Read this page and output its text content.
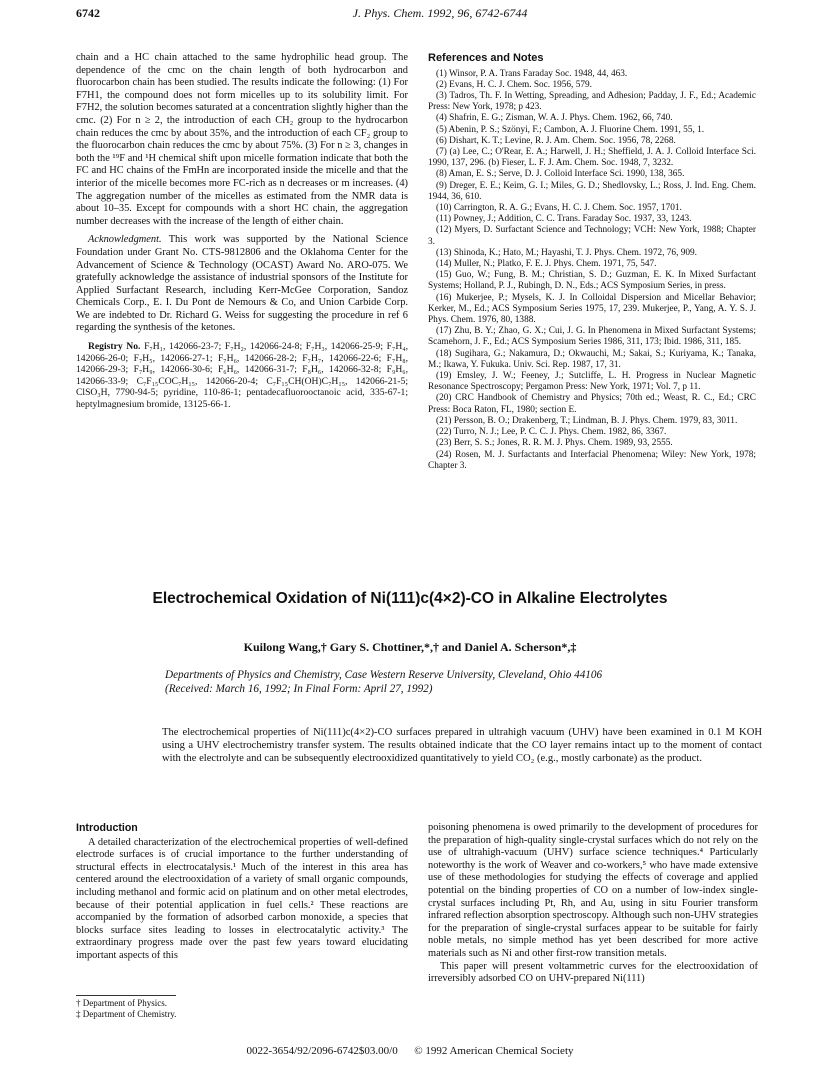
6742	J. Phys. Chem. 1992, 96, 6742-6744

chain and a HC chain attached to the same hydrophilic head group. The dependence of the cmc on the chain length of both hydrocarbon and fluorocarbon chain has been studied. The results indicate the following: (1) For F7H1, the compound does not form micelles up to its solubility limit. For F7H2, the solution becomes saturated at a concentration slightly higher than the cmc. (2) For n ≥ 2, the introduction of each CH₂ group to the hydrocarbon chain reduces the cmc by about 35%, and the introduction of each CF₂ group to the fluorocarbon chain reduces the cmc by about 75%. (3) For n ≥ 3, changes in both the ¹⁹F and ¹H chemical shift upon micelle formation indicate that both the FC and HC chains of the FmHn are incorporated inside the micelle and that the interior of the micelle becomes more FC-rich as n decreases or m increases. (4) The aggregation number of the micelles as estimated from the NMR data is about 10–35. Except for compounds with a short HC chain, the aggregation number decreases with the increase of the length of either chain.

Acknowledgment. This work was supported by the National Science Foundation under Grant No. CTS-9812806 and the Oklahoma Center for the Advancement of Science & Technology (OCAST) Award No. ARO-075. We gratefully acknowledge the assistance of industrial sponsors of the Institute for Applied Surfactant Research, including Kerr-McGee Corporation, Sandoz Chemicals Corp., E. I. Du Pont de Nemours & Co, and Union Carbide Corp. We are indebted to Dr. Richard G. Weiss for suggesting the procedure in ref 6 regarding the synthesis of the ketones.

Registry No. F₇H₁, 142066-23-7; F₇H₂, 142066-24-8; F₇H₃, 142066-25-9; F₇H₄, 142066-26-0; F₇H₅, 142066-27-1; F₇H₆, 142066-28-2; F₇H₇, 142066-22-6; F₇H₈, 142066-29-3; F₇H₉, 142066-30-6; F₆H₆, 142066-31-7; F₈H₆, 142066-32-8; F₉H₆, 142066-33-9; C₇F₁₅COC₇H₁₅, 142066-20-4; C₇F₁₅CH(OH)C₇H₁₅, 142066-21-5; ClSO₃H, 7790-94-5; pyridine, 110-86-1; pentadecafluorooctanoic acid, 335-67-1; heptylmagnesium bromide, 13125-66-1.

References and Notes
(1) Winsor, P. A. Trans Faraday Soc. 1948, 44, 463.
(2) Evans, H. C. J. Chem. Soc. 1956, 579.
(3) Tadros, Th. F. In Wetting, Spreading, and Adhesion; Padday, J. F., Ed.; Academic Press: New York, 1978; p 423.
(4) Shafrin, E. G.; Zisman, W. A. J. Phys. Chem. 1962, 66, 740.
(5) Abenin, P. S.; Szönyi, F.; Cambon, A. J. Fluorine Chem. 1991, 55, 1.
(6) Dishart, K. T.; Levine, R. J. Am. Chem. Soc. 1956, 78, 2268.
(7) (a) Lee, C.; O'Rear, E. A.; Harwell, J. H.; Sheffield, J. A. J. Colloid Interface Sci. 1990, 137, 296. (b) Fieser, L. F. J. Am. Chem. Soc. 1948, 7, 3232.
(8) Aman, E. S.; Serve, D. J. Colloid Interface Sci. 1990, 138, 365.
(9) Dreger, E. E.; Keim, G. I.; Miles, G. D.; Shedlovsky, L.; Ross, J. Ind. Eng. Chem. 1944, 36, 610.
(10) Carrington, R. A. G.; Evans, H. C. J. Chem. Soc. 1957, 1701.
(11) Powney, J.; Addition, C. C. Trans. Faraday Soc. 1937, 33, 1243.
(12) Myers, D. Surfactant Science and Technology; VCH: New York, 1988; Chapter 3.
(13) Shinoda, K.; Hato, M.; Hayashi, T. J. Phys. Chem. 1972, 76, 909.
(14) Muller, N.; Platko, F. E. J. Phys. Chem. 1971, 75, 547.
(15) Guo, W.; Fung, B. M.; Christian, S. D.; Guzman, E. K. In Mixed Surfactant Systems; Holland, P. J., Rubingh, D. N., Eds.; ACS Symposium Series, in press.
(16) Mukerjee, P.; Mysels, K. J. In Colloidal Dispersion and Micellar Behavior; Kerker, M., Ed.; ACS Symposium Series 1975, 17, 239. Mukerjee, P., Yang, A. Y. S. J. Phys. Chem. 1976, 80, 1388.
(17) Zhu, B. Y.; Zhao, G. X.; Cui, J. G. In Phenomena in Mixed Surfactant Systems; Scamehorn, J. F., Ed.; ACS Symposium Series 1986, 311, 173; Ibid. 1986, 311, 185.
(18) Sugihara, G.; Nakamura, D.; Okwauchi, M.; Sakai, S.; Kuriyama, K.; Tanaka, M.; Ikawa, Y. Fukuka. Univ. Sci. Rep. 1987, 17, 31.
(19) Emsley, J. W.; Feeney, J.; Sutcliffe, L. H. Progress in Nuclear Magnetic Resonance Spectroscopy; Pergamon Press: New York, 1971; Vol. 7, p 11.
(20) CRC Handbook of Chemistry and Physics; 70th ed.; Weast, R. C., Ed.; CRC Press: Boca Raton, FL, 1980; section E.
(21) Persson, B. O.; Drakenberg, T.; Lindman, B. J. Phys. Chem. 1979, 83, 3011.
(22) Turro, N. J.; Lee, P. C. C. J. Phys. Chem. 1982, 86, 3367.
(23) Berr, S. S.; Jones, R. R. M. J. Phys. Chem. 1989, 93, 2555.
(24) Rosen, M. J. Surfactants and Interfacial Phenomena; Wiley: New York, 1978; Chapter 3.
Electrochemical Oxidation of Ni(111)c(4×2)-CO in Alkaline Electrolytes
Kuilong Wang,† Gary S. Chottiner,*,† and Daniel A. Scherson*,‡
Departments of Physics and Chemistry, Case Western Reserve University, Cleveland, Ohio 44106
(Received: March 16, 1992; In Final Form: April 27, 1992)
The electrochemical properties of Ni(111)c(4×2)-CO surfaces prepared in ultrahigh vacuum (UHV) have been examined in 0.1 M KOH using a UHV electrochemistry transfer system. The results obtained indicate that the CO layer remains intact up to the moment of contact with the electrolyte and can be subsequently electrooxidized quantitatively to yield CO₂ (e.g., mostly carbonate) as the product.
Introduction

A detailed characterization of the electrochemical properties of well-defined electrode surfaces is of crucial importance to the further understanding of structural effects in electrocatalysis.¹ Much of the interest in this area has centered around the electrooxidation of a variety of small organic compounds, including methanol and formic acid on platinum and on other metal electrodes, because of their potential application in fuel cells.² These reactions are accompanied by the formation of adsorbed carbon monoxide, a species that blocks surface sites leading to losses in electrocatalytic activity.³ The extraordinary progress made over the past few years toward elucidating important aspects of this

poisoning phenomena is owed primarily to the development of procedures for the preparation of high-quality single-crystal surfaces which do not rely on the use of ultrahigh-vacuum (UHV) surface science techniques.⁴ Particularly noteworthy is the work of Weaver and co-workers,⁵ who have made extensive use of these methodologies for studying the effects of coverage and applied potential on the binding properties of CO on a number of low-index single-crystal surfaces including Pt, Rh, and Au, using in situ Fourier transform infrared reflection absorption spectroscopy. Although such non-UHV strategies for the preparation of single-crystal surfaces appear to be suitable for fairly noble metals, no simple method has yet been described for more active materials such as Ni and other first-row transition metals.

This paper will present voltammetric curves for the electrooxidation of irreversibly adsorbed CO on UHV-prepared Ni(111)

† Department of Physics.
‡ Department of Chemistry.
0022-3654/92/2096-6742$03.00/0 © 1992 American Chemical Society
